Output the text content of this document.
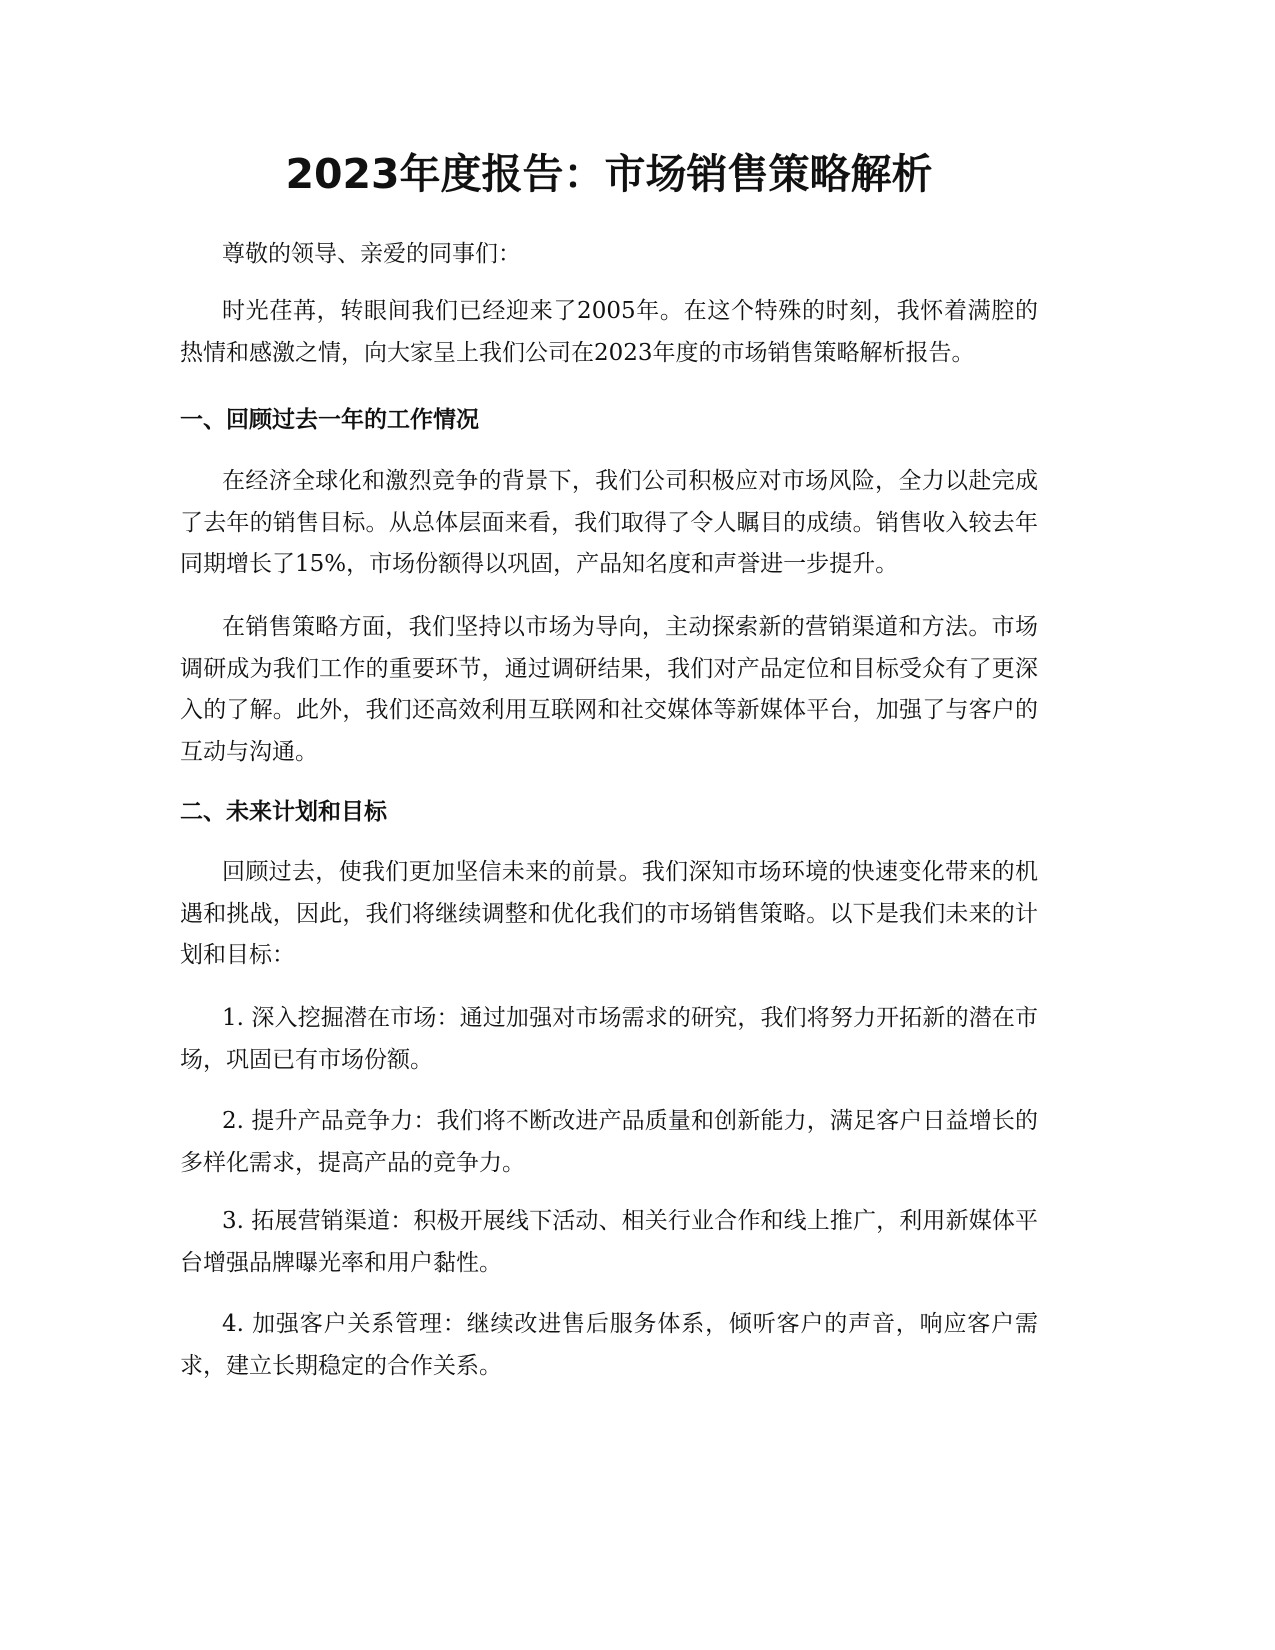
2023年度报告：市场销售策略解析

尊敬的领导、亲爱的同事们：

时光荏苒，转眼间我们已经迎来了2005年。在这个特殊的时刻，我怀着满腔的热情和感激之情，向大家呈上我们公司在2023年度的市场销售策略解析报告。

一、回顾过去一年的工作情况

在经济全球化和激烈竞争的背景下，我们公司积极应对市场风险，全力以赴完成了去年的销售目标。从总体层面来看，我们取得了令人瞩目的成绩。销售收入较去年同期增长了15%，市场份额得以巩固，产品知名度和声誉进一步提升。

在销售策略方面，我们坚持以市场为导向，主动探索新的营销渠道和方法。市场调研成为我们工作的重要环节，通过调研结果，我们对产品定位和目标受众有了更深入的了解。此外，我们还高效利用互联网和社交媒体等新媒体平台，加强了与客户的互动与沟通。

二、未来计划和目标

回顾过去，使我们更加坚信未来的前景。我们深知市场环境的快速变化带来的机遇和挑战，因此，我们将继续调整和优化我们的市场销售策略。以下是我们未来的计划和目标：

1. 深入挖掘潜在市场：通过加强对市场需求的研究，我们将努力开拓新的潜在市场，巩固已有市场份额。

2. 提升产品竞争力：我们将不断改进产品质量和创新能力，满足客户日益增长的多样化需求，提高产品的竞争力。

3. 拓展营销渠道：积极开展线下活动、相关行业合作和线上推广，利用新媒体平台增强品牌曝光率和用户黏性。

4. 加强客户关系管理：继续改进售后服务体系，倾听客户的声音，响应客户需求，建立长期稳定的合作关系。
